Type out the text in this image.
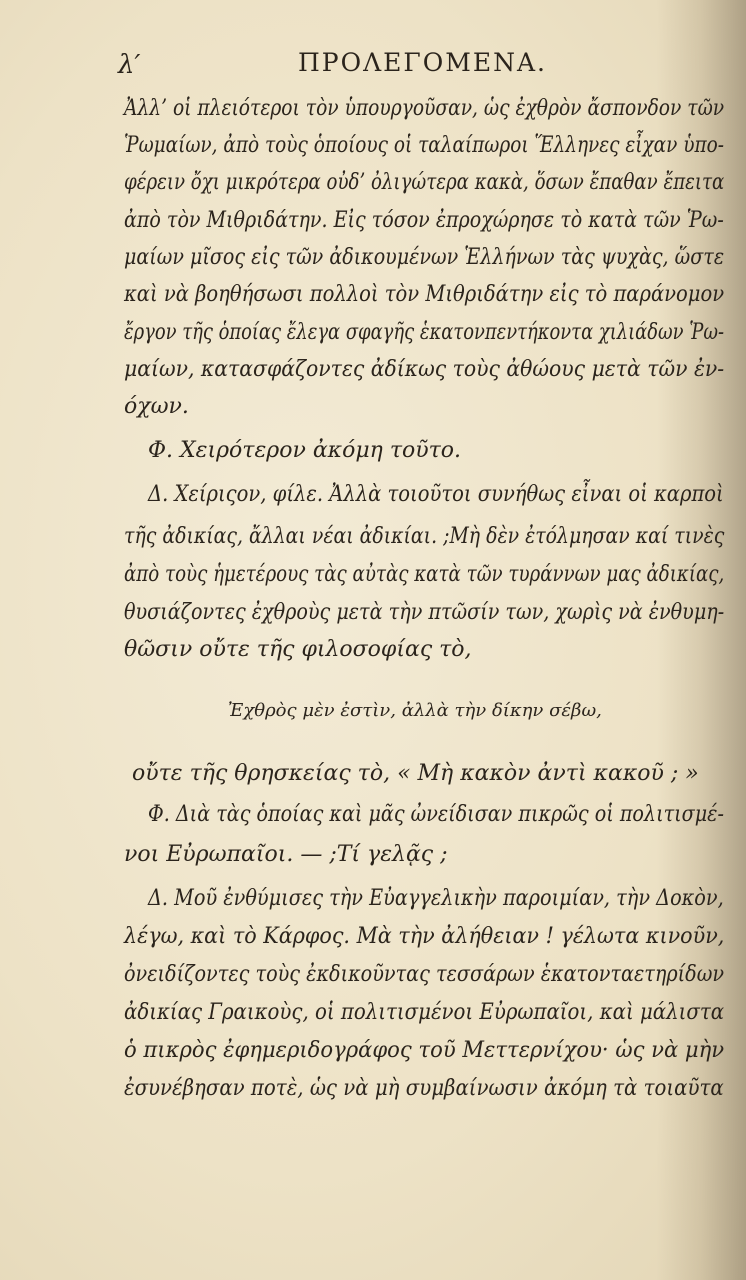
λ′	ΠΡΟΛΕΓΟΜΕΝΑ.
Ἀλλ’ οἱ πλειότεροι τὸν ὑπουργοῦσαν, ὡς ἐχθρὸν ἄσπονδον τῶν
Ῥωμαίων, ἀπὸ τοὺς ὁποίους οἱ ταλαίπωροι Ἕλληνες εἶχαν ὑπο-
φέρειν ὄχι μικρότερα οὐδ’ ὀλιγώτερα κακὰ, ὅσων ἔπαθαν ἔπειτα
ἀπὸ τὸν Μιθριδάτην. Εἰς τόσον ἐπροχώρησε τὸ κατὰ τῶν Ῥω-
μαίων μῖσος εἰς τῶν ἀδικουμένων Ἑλλήνων τὰς ψυχὰς, ὥστε
καὶ νὰ βοηθήσωσι πολλοὶ τὸν Μιθριδάτην εἰς τὸ παράνομον
ἔργον τῆς ὁποίας ἔλεγα σφαγῆς ἑκατονπεντήκοντα χιλιάδων Ῥω-
μαίων, κατασφάζοντες ἀδίκως τοὺς ἀθώους μετὰ τῶν ἐν-
όχων.
Φ. Χειρότερον ἀκόμη τοῦτο.
Δ. Χείριςον, φίλε. Ἀλλὰ τοιοῦτοι συνήθως εἶναι οἱ καρποὶ
τῆς ἀδικίας, ἄλλαι νέαι ἀδικίαι. ;Μὴ δὲν ἐτόλμησαν καί τινὲς
ἀπὸ τοὺς ἡμετέρους τὰς αὐτὰς κατὰ τῶν τυράννων μας ἀδικίας,
θυσιάζοντες ἐχθροὺς μετὰ τὴν πτῶσίν των, χωρὶς νὰ ἐνθυμη-
θῶσιν οὔτε τῆς φιλοσοφίας τὸ,
Ἐχθρὸς μὲν ἐστὶν, ἀλλὰ τὴν δίκην σέβω,
οὔτε τῆς θρησκείας τὸ, « Μὴ κακὸν ἀντὶ κακοῦ ; »
Φ. Διὰ τὰς ὁποίας καὶ μᾶς ὠνείδισαν πικρῶς οἱ πολιτισμέ-
νοι Εὐρωπαῖοι. — ;Τί γελᾷς ;
Δ. Μοῦ ἐνθύμισες τὴν Εὐαγγελικὴν παροιμίαν, τὴν Δοκὸν,
λέγω, καὶ τὸ Κάρφος. Μὰ τὴν ἀλήθειαν ! γέλωτα κινοῦν,
ὀνειδίζοντες τοὺς ἐκδικοῦντας τεσσάρων ἑκατονταετηρίδων
ἀδικίας Γραικοὺς, οἱ πολιτισμένοι Εὐρωπαῖοι, καὶ μάλιστα
ὁ πικρὸς ἐφημεριδογράφος τοῦ Μεττερνίχου· ὡς νὰ μὴν
ἐσυνέβησαν ποτὲ, ὡς νὰ μὴ συμβαίνωσιν ἀκόμη τὰ τοιαῦτα
